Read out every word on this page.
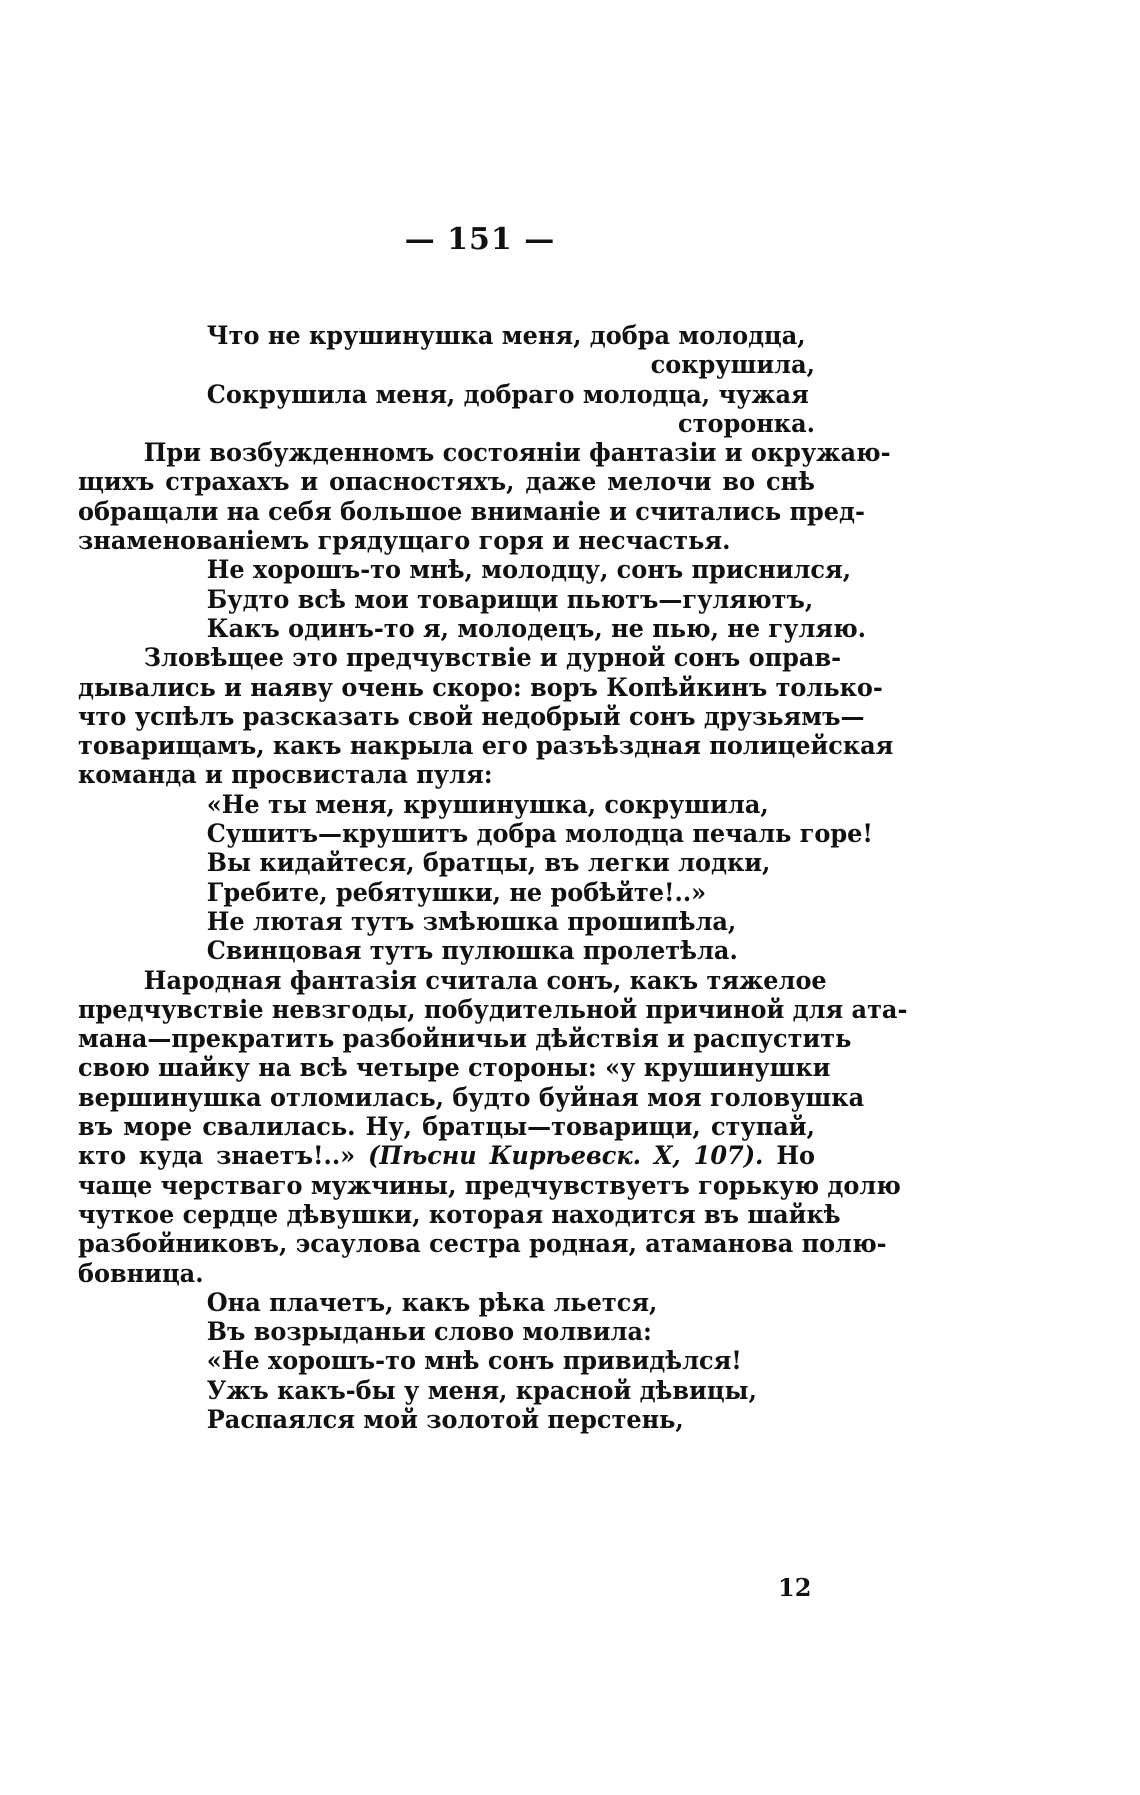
— 151 —
Что не крушинушка меня, добра молодца,
сокрушила,
Сокрушила меня, добраго молодца, чужая
сторонка.
При возбужденномъ состояніи фантазіи и окружаю-
щихъ страхахъ и опасностяхъ, даже мелочи во снѣ
обращали на себя большое вниманіе и считались пред-
знаменованіемъ грядущаго горя и несчастья.
Не хорошъ-то мнѣ, молодцу, сонъ приснился,
Будто всѣ мои товарищи пьютъ—гуляютъ,
Какъ одинъ-то я, молодецъ, не пью, не гуляю.
Зловѣщее это предчувствіе и дурной сонъ оправ-
дывались и наяву очень скоро: воръ Копѣйкинъ только-
что успѣлъ разсказать свой недобрый сонъ друзьямъ—
товарищамъ, какъ накрыла его разъѣздная полицейская
команда и просвистала пуля:
«Не ты меня, крушинушка, сокрушила,
Сушитъ—крушитъ добра молодца печаль горе!
Вы кидайтеся, братцы, въ легки лодки,
Гребите, ребятушки, не робѣйте!..»
Не лютая тутъ змѣюшка прошипѣла,
Свинцовая тутъ пулюшка пролетѣла.
Народная фантазія считала сонъ, какъ тяжелое
предчувствіе невзгоды, побудительной причиной для ата-
мана—прекратить разбойничьи дѣйствія и распустить
свою шайку на всѣ четыре стороны: «у крушинушки
вершинушка отломилась, будто буйная моя головушка
въ море свалилась. Ну, братцы—товарищи, ступай,
кто куда знаетъ!..» (Пѣсни Кирѣевск. X, 107). Но
чаще черстваго мужчины, предчувствуетъ горькую долю
чуткое сердце дѣвушки, которая находится въ шайкѣ
разбойниковъ, эсаулова сестра родная, атаманова полю-
бовница.
Она плачетъ, какъ рѣка льется,
Въ возрыданьи слово молвила:
«Не хорошъ-то мнѣ сонъ привидѣлся!
Ужъ какъ-бы у меня, красной дѣвицы,
Распаялся мой золотой перстень,
12
